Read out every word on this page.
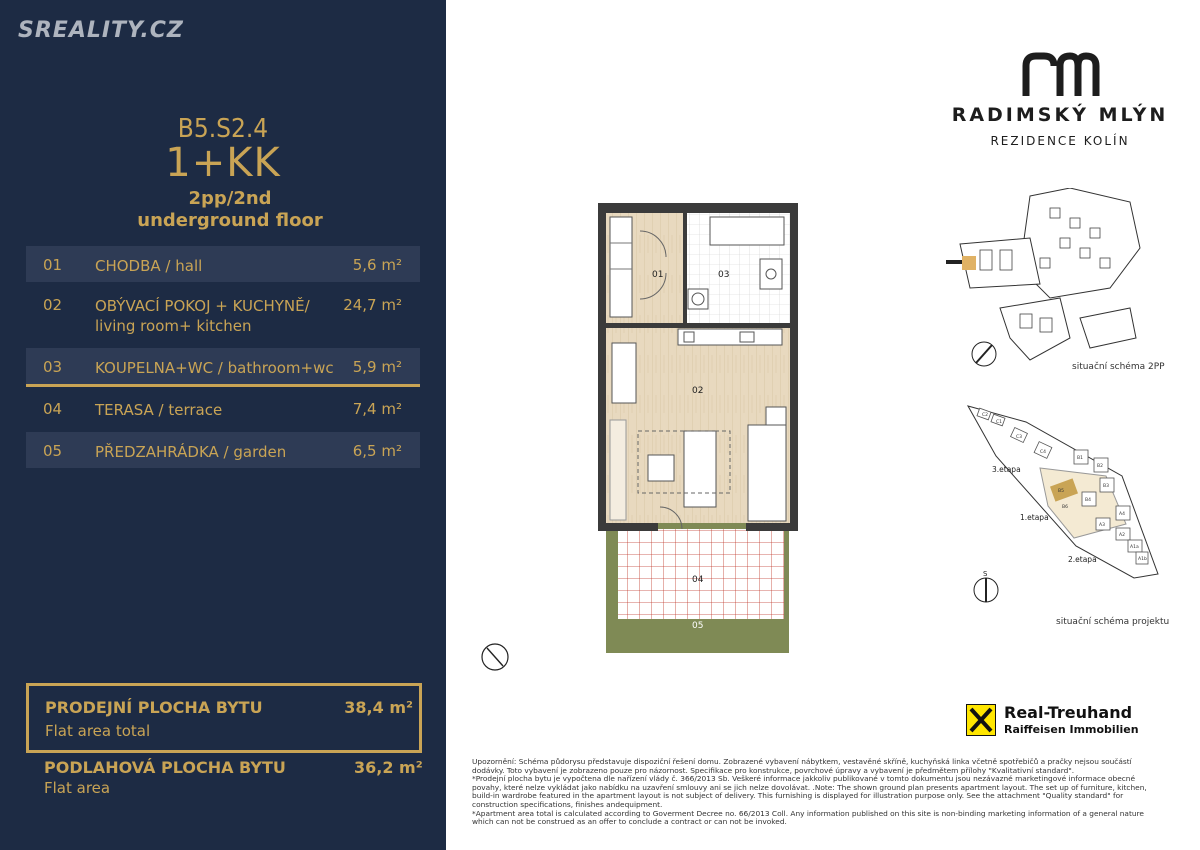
SREALITY.CZ
B5.S2.4
1+KK
2pp/2nd underground floor
01 CHODBA / hall	5,6 m²
02 OBÝVACÍ POKOJ + KUCHYNĚ/ living room+ kitchen
24,7 m²
03 KOUPELNA+WC / bathroom+wc 5,9 m²
04 TERASA / terrace	7,4 m²
05 PŘEDZAHRÁDKA / garden	6,5 m²
PRODEJNÍ PLOCHA BYTU
Flat area total
38,4 m²
PODLAHOVÁ PLOCHA BYTU
Flat area
36,2 m²
01	03
02
04
05
RADIMSKÝ MLÝN
REZIDENCE KOLÍN
situační schéma 2PP
3.etapa
1.etapa
2.etapa
C2
C1
C3
C4
B1
B2
B3
B4
B5
B6
A4
A3
A2
A1a
A1b
S
situační schéma projektu
Real-Treuhand
Raiffeisen Immobilien

Upozornění: Schéma půdorysu představuje dispoziční řešení domu. Zobrazené vybavení nábytkem, vestavěné skříně, kuchyňská linka včetně spotřebičů a pračky nejsou součástí dodávky. Toto vybavení je zobrazeno pouze pro názornost. Specifikace pro konstrukce, povrchové úpravy a vybavení je předmětem přílohy "Kvalitativní standard".

*Prodejní plocha bytu je vypočtena dle nařízení vlády č. 366/2013 Sb. Veškeré informace jakkoliv publikované v tomto dokumentu jsou nezávazné marketingové informace obecné povahy, které nelze vykládat jako nabídku na uzavření smlouvy ani se jich nelze dovolávat. .Note: The shown ground plan presents apartment layout. The set up of furniture, kitchen, build-in wardrobe featured in the apartment layout is not subject of delivery. This furnishing is displayed for illustration purpose only. See the attachment "Quality standard" for construction specifications, finishes andequipment.

*Apartment area total is calculated according to Goverment Decree no. 66/2013 Coll. Any information published on this site is non-binding marketing information of a general nature which can not be construed as an offer to conclude a contract or can not be invoked.
